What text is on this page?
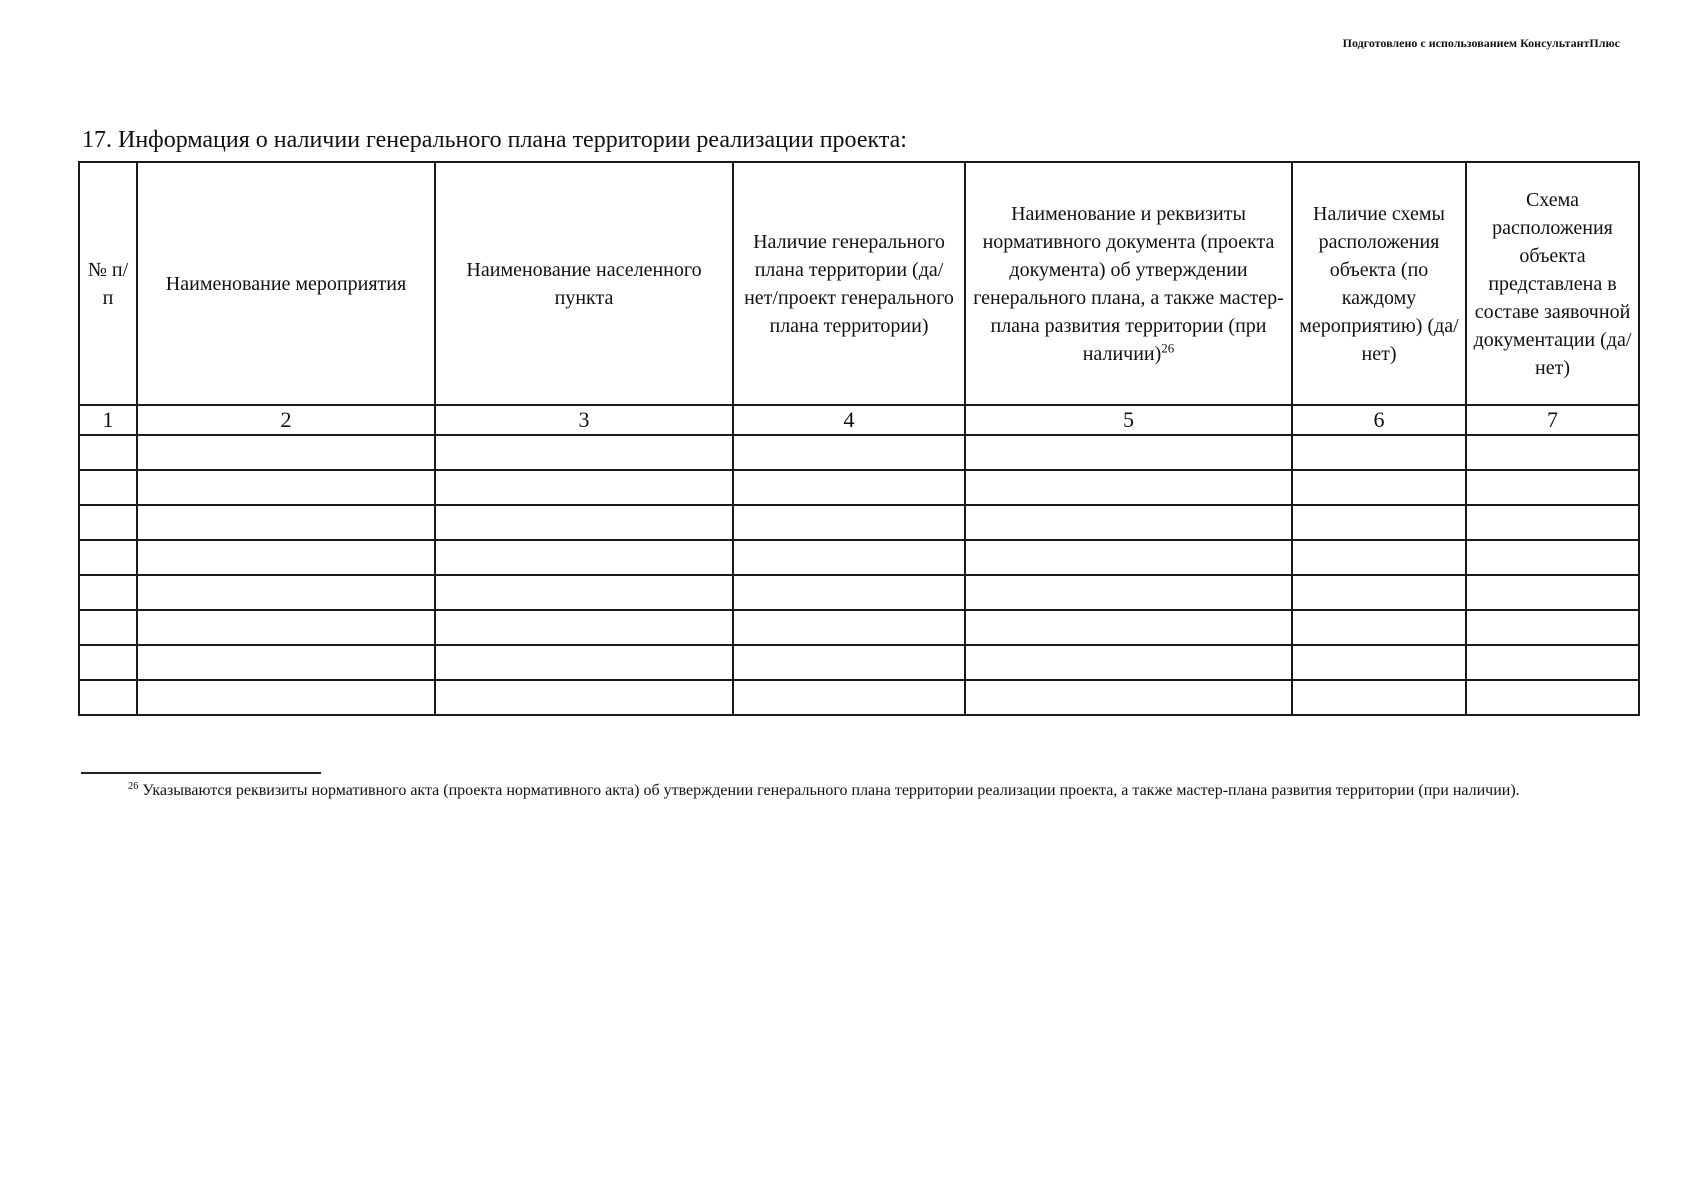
Подготовлено с использованием КонсультантПлюс
17. Информация о наличии генерального плана территории реализации проекта:
№ п/п	Наименование мероприятия	Наименование населенного пункта	Наличие генерального плана территории (да/нет/проект генерального плана территории)	Наименование и реквизиты нормативного документа (проекта документа) об утверждении генерального плана, а также мастер-плана развития территории (при наличии)$^{26}$	Наличие схемы расположения объекта (по каждому мероприятию) (да/нет)	Схема расположения объекта представлена в составе заявочной документации (да/нет)
1	2	3	4	5	6	7

$^{26}$ Указываются реквизиты нормативного акта (проекта нормативного акта) об утверждении генерального плана территории реализации проекта, а также мастер-плана развития территории (при наличии).
